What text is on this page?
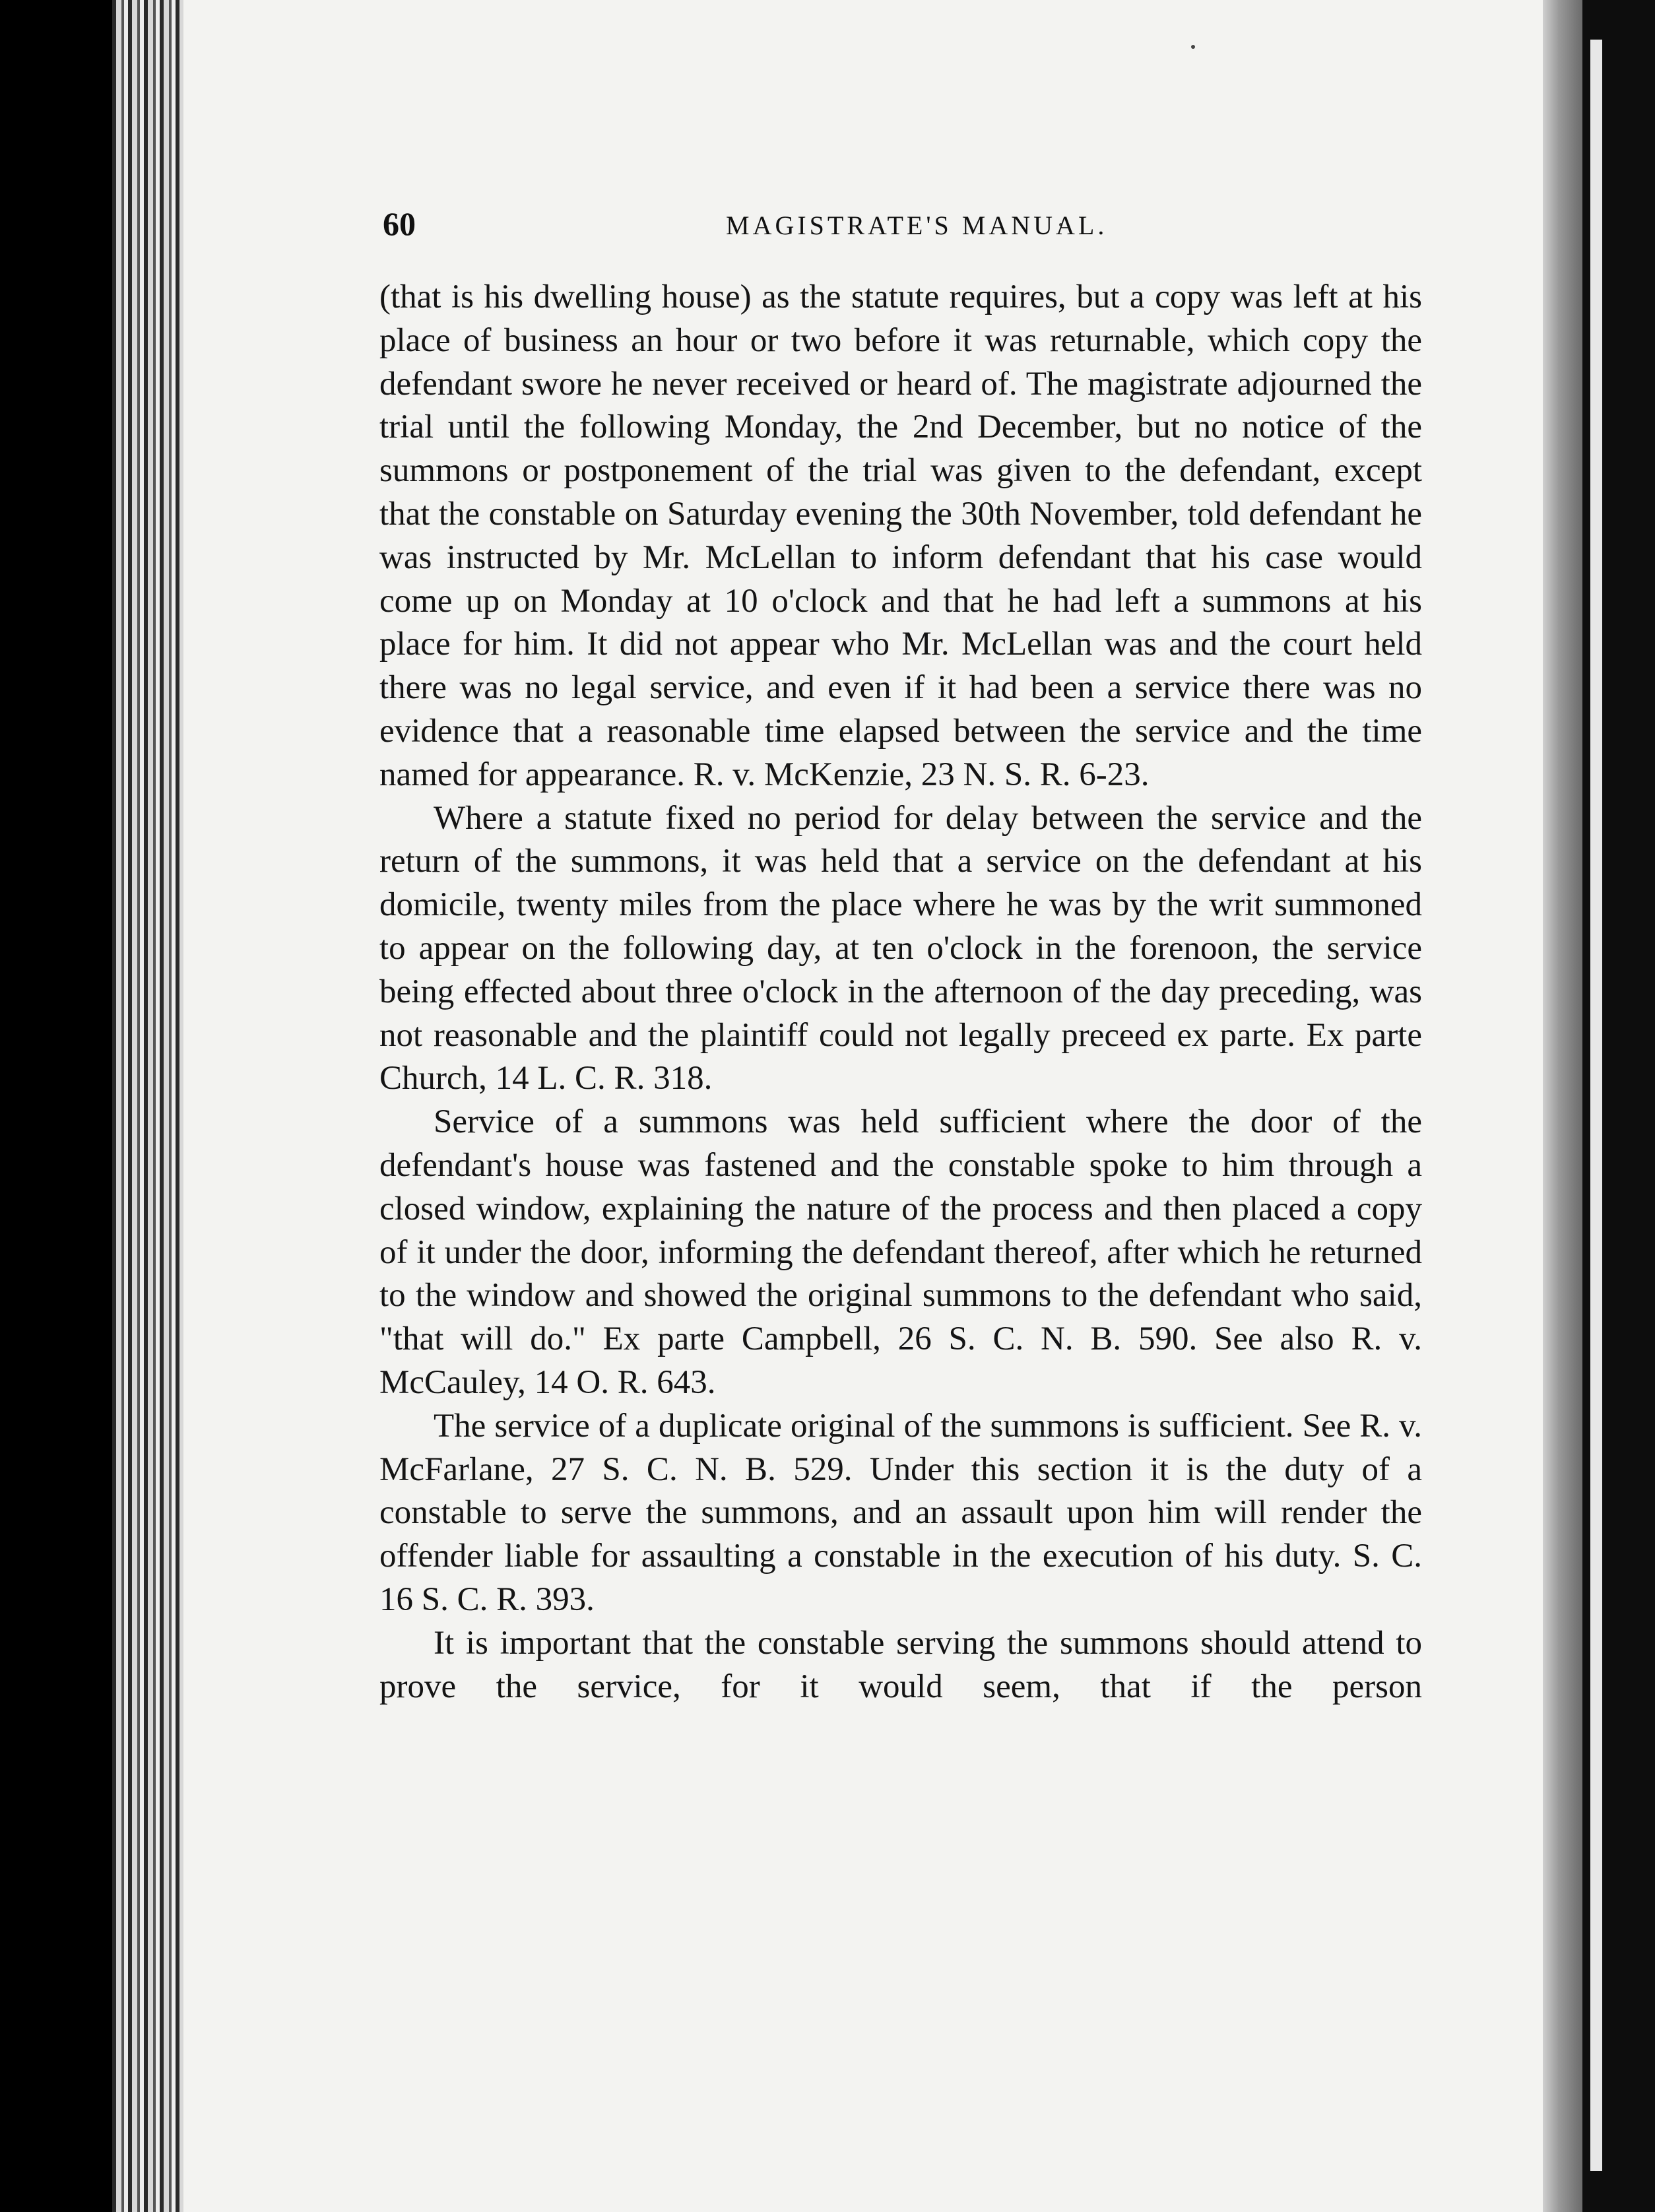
60	MAGISTRATE'S MANUAL.

(that is his dwelling house) as the statute requires, but a copy was left at his place of business an hour or two before it was returnable, which copy the defendant swore he never received or heard of. The magistrate adjourned the trial until the following Monday, the 2nd December, but no notice of the summons or postponement of the trial was given to the defendant, except that the constable on Saturday evening the 30th November, told defendant he was instructed by Mr. McLellan to inform defendant that his case would come up on Monday at 10 o'clock and that he had left a summons at his place for him. It did not appear who Mr. McLellan was and the court held there was no legal service, and even if it had been a service there was no evidence that a reasonable time elapsed between the service and the time named for appearance. R. v. McKenzie, 23 N. S. R. 6-23.

Where a statute fixed no period for delay between the service and the return of the summons, it was held that a service on the defendant at his domicile, twenty miles from the place where he was by the writ summoned to appear on the following day, at ten o'clock in the forenoon, the service being effected about three o'clock in the afternoon of the day preceding, was not reasonable and the plaintiff could not legally preceed ex parte. Ex parte Church, 14 L. C. R. 318.

Service of a summons was held sufficient where the door of the defendant's house was fastened and the constable spoke to him through a closed window, explaining the nature of the process and then placed a copy of it under the door, informing the defendant thereof, after which he returned to the window and showed the original summons to the defendant who said, "that will do." Ex parte Campbell, 26 S. C. N. B. 590. See also R. v. McCauley, 14 O. R. 643.

The service of a duplicate original of the summons is sufficient. See R. v. McFarlane, 27 S. C. N. B. 529. Under this section it is the duty of a constable to serve the summons, and an assault upon him will render the offender liable for assaulting a constable in the execution of his duty. S. C. 16 S. C. R. 393.

It is important that the constable serving the summons should attend to prove the service, for it would seem, that if the person
